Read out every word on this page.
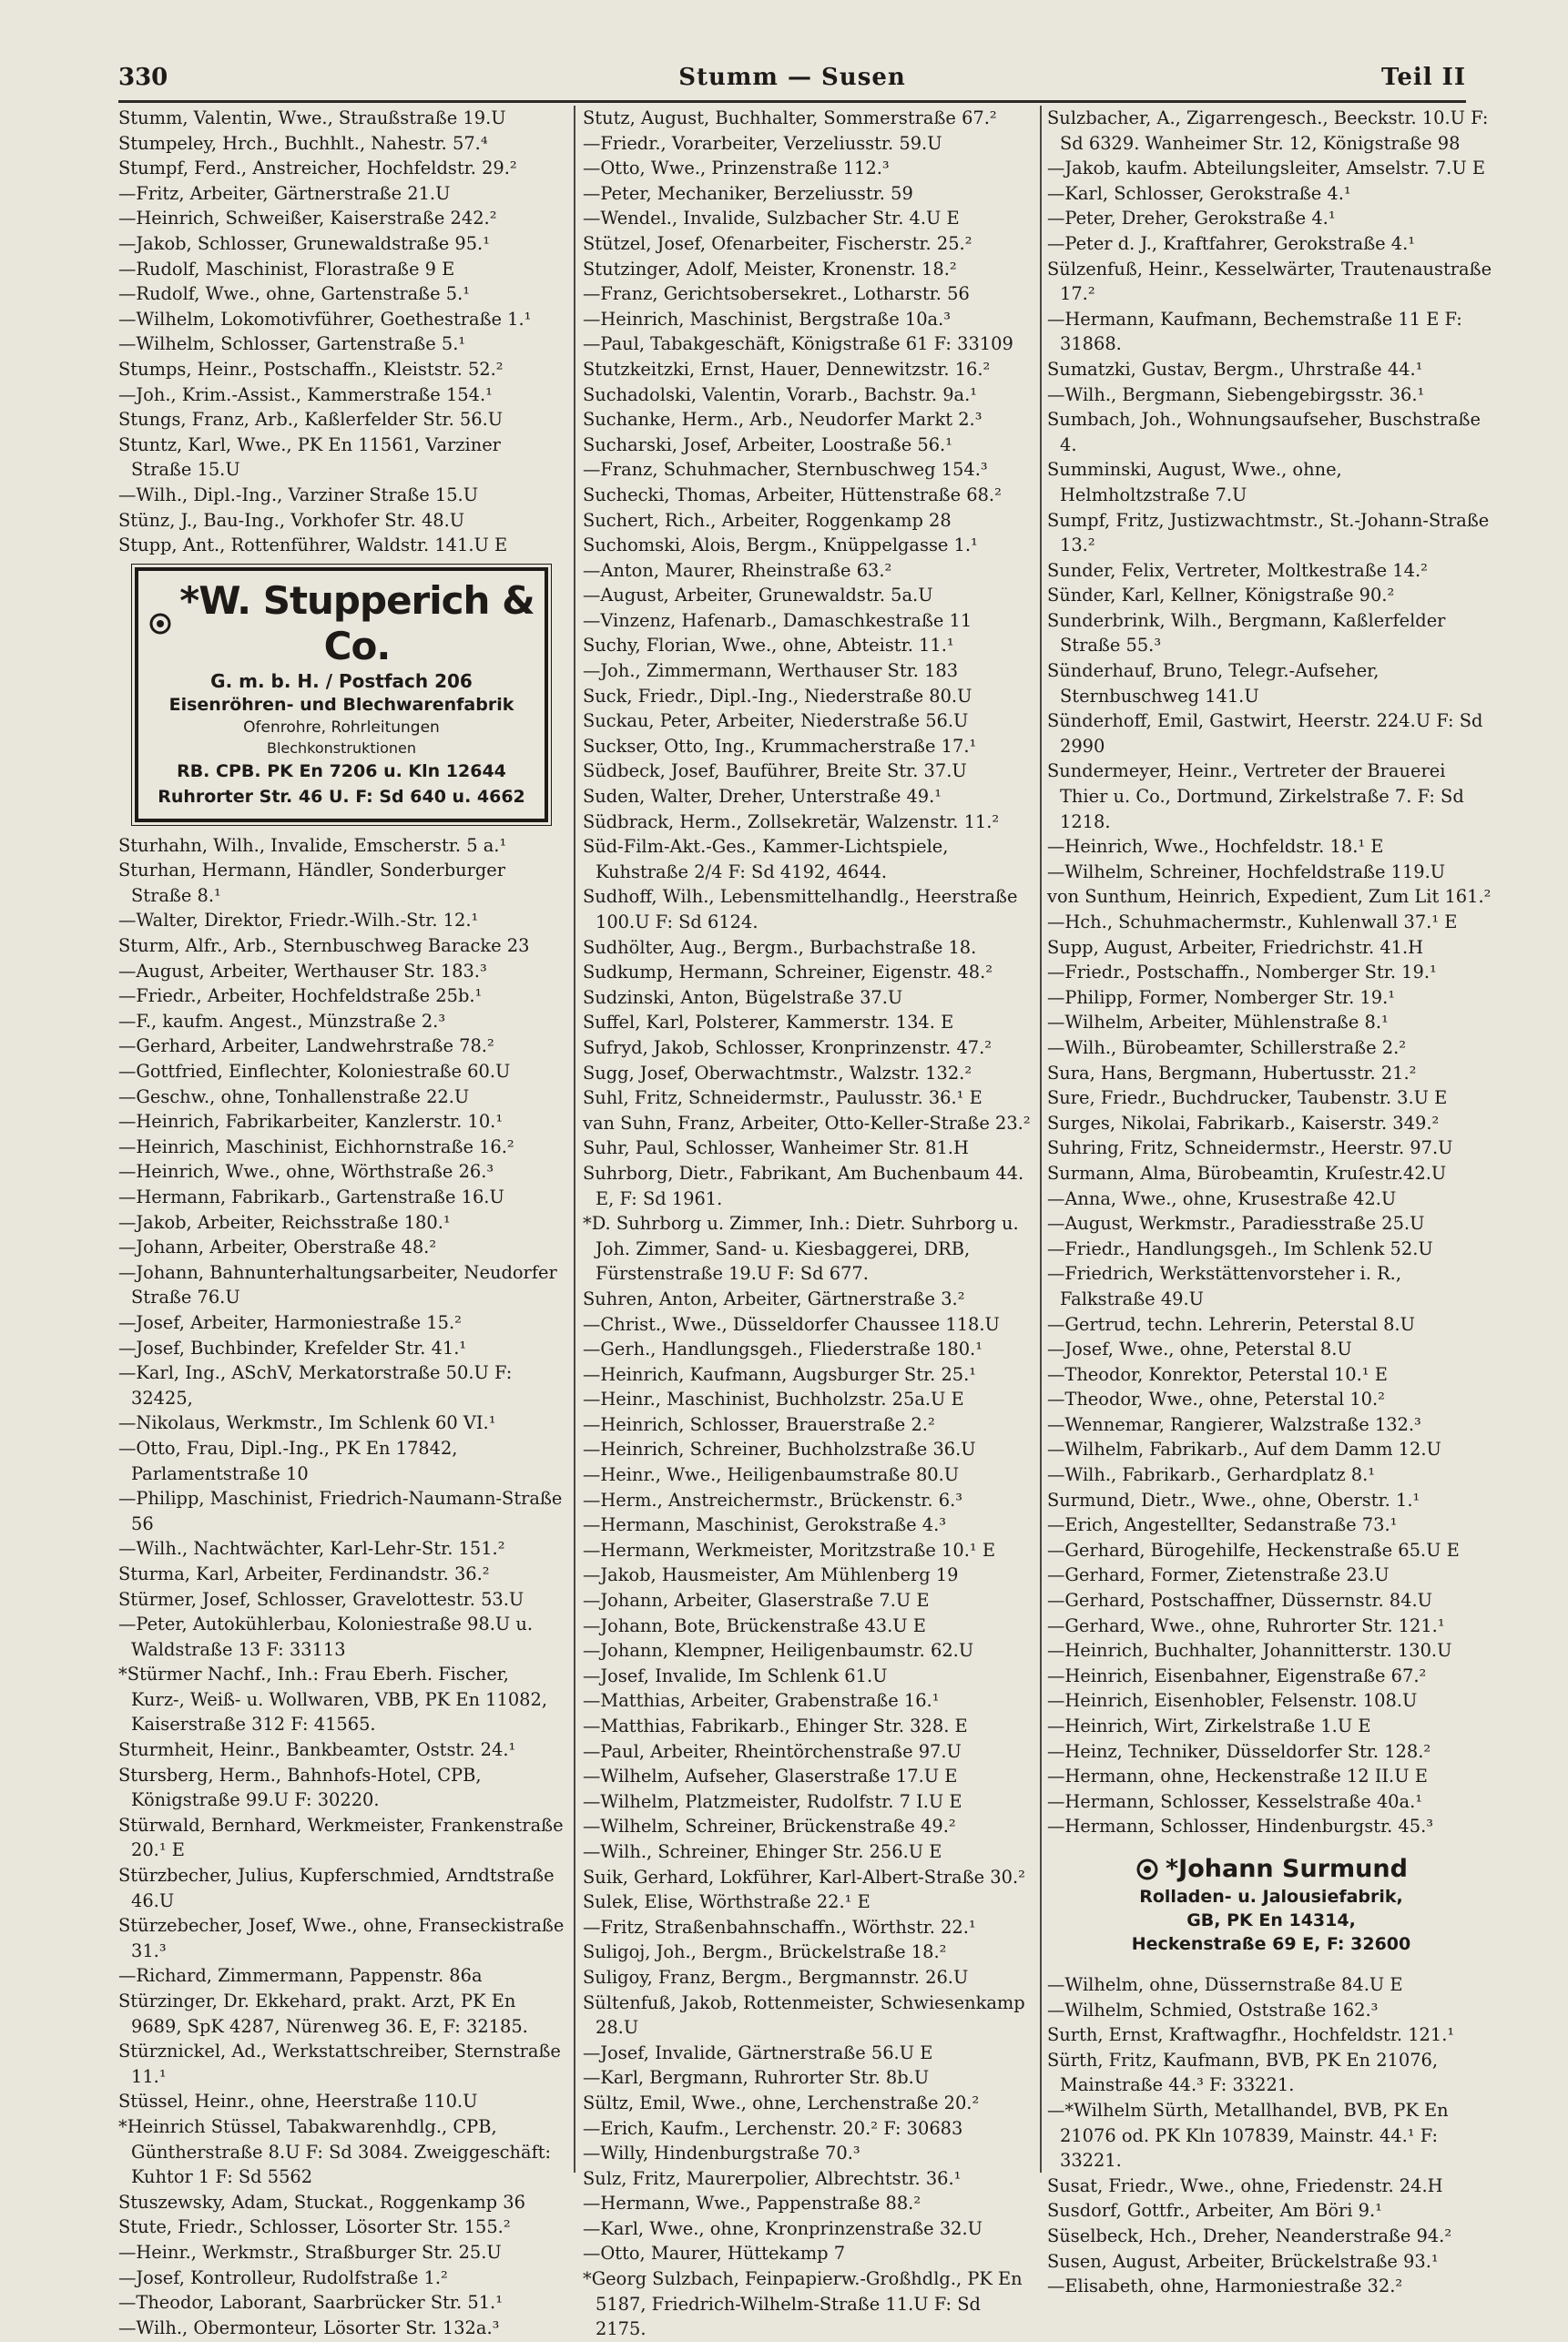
330	Stumm — Susen	Teil II

Stumm, Valentin, Wwe., Straußstraße 19.U

Stumpeley, Hrch., Buchhlt., Nahestr. 57.⁴

Stumpf, Ferd., Anstreicher, Hochfeldstr. 29.²

—Fritz, Arbeiter, Gärtnerstraße 21.U

—Heinrich, Schweißer, Kaiserstraße 242.²

—Jakob, Schlosser, Grunewaldstraße 95.¹

—Rudolf, Maschinist, Florastraße 9 E

—Rudolf, Wwe., ohne, Gartenstraße 5.¹

—Wilhelm, Lokomotivführer, Goethestraße 1.¹

—Wilhelm, Schlosser, Gartenstraße 5.¹

Stumps, Heinr., Postschaffn., Kleiststr. 52.²

—Joh., Krim.-Assist., Kammerstraße 154.¹

Stungs, Franz, Arb., Kaßlerfelder Str. 56.U

Stuntz, Karl, Wwe., PK En 11561, Varziner Straße 15.U

—Wilh., Dipl.-Ing., Varziner Straße 15.U

Stünz, J., Bau-Ing., Vorkhofer Str. 48.U

Stupp, Ant., Rottenführer, Waldstr. 141.U E

*W. Stupperich & Co.
G. m. b. H. / Postfach 206
Eisenröhren- und Blechwarenfabrik
Ofenrohre, Rohrleitungen
Blechkonstruktionen
RB. CPB. PK En 7206 u. Kln 12644
Ruhrorter Str. 46 U. F: Sd 640 u. 4662

Sturhahn, Wilh., Invalide, Emscherstr. 5 a.¹

Sturhan, Hermann, Händler, Sonderburger Straße 8.¹

—Walter, Direktor, Friedr.-Wilh.-Str. 12.¹

Sturm, Alfr., Arb., Sternbuschweg Baracke 23

—August, Arbeiter, Werthauser Str. 183.³

—Friedr., Arbeiter, Hochfeldstraße 25b.¹

—F., kaufm. Angest., Münzstraße 2.³

—Gerhard, Arbeiter, Landwehrstraße 78.²

—Gottfried, Einflechter, Koloniestraße 60.U

—Geschw., ohne, Tonhallenstraße 22.U

—Heinrich, Fabrikarbeiter, Kanzlerstr. 10.¹

—Heinrich, Maschinist, Eichhornstraße 16.²

—Heinrich, Wwe., ohne, Wörthstraße 26.³

—Hermann, Fabrikarb., Gartenstraße 16.U

—Jakob, Arbeiter, Reichsstraße 180.¹

—Johann, Arbeiter, Oberstraße 48.²

—Johann, Bahnunterhaltungsarbeiter, Neudorfer Straße 76.U

—Josef, Arbeiter, Harmoniestraße 15.²

—Josef, Buchbinder, Krefelder Str. 41.¹

—Karl, Ing., ASchV, Merkatorstraße 50.U F: 32425,

—Nikolaus, Werkmstr., Im Schlenk 60 VI.¹

—Otto, Frau, Dipl.-Ing., PK En 17842, Parlamentstraße 10

—Philipp, Maschinist, Friedrich-Naumann-Straße 56

—Wilh., Nachtwächter, Karl-Lehr-Str. 151.²

Sturma, Karl, Arbeiter, Ferdinandstr. 36.²

Stürmer, Josef, Schlosser, Gravelottestr. 53.U

—Peter, Autokühlerbau, Koloniestraße 98.U u. Waldstraße 13 F: 33113

*Stürmer Nachf., Inh.: Frau Eberh. Fischer, Kurz-, Weiß- u. Wollwaren, VBB, PK En 11082, Kaiserstraße 312 F: 41565.

Sturmheit, Heinr., Bankbeamter, Oststr. 24.¹

Stursberg, Herm., Bahnhofs-Hotel, CPB, Königstraße 99.U F: 30220.

Stürwald, Bernhard, Werkmeister, Frankenstraße 20.¹ E

Stürzbecher, Julius, Kupferschmied, Arndtstraße 46.U

Stürzebecher, Josef, Wwe., ohne, Franseckistraße 31.³

—Richard, Zimmermann, Pappenstr. 86a

Stürzinger, Dr. Ekkehard, prakt. Arzt, PK En 9689, SpK 4287, Nürenweg 36. E, F: 32185.

Stürznickel, Ad., Werkstattschreiber, Sternstraße 11.¹

Stüssel, Heinr., ohne, Heerstraße 110.U

*Heinrich Stüssel, Tabakwarenhdlg., CPB, Güntherstraße 8.U F: Sd 3084. Zweiggeschäft: Kuhtor 1 F: Sd 5562

Stuszewsky, Adam, Stuckat., Roggenkamp 36

Stute, Friedr., Schlosser, Lösorter Str. 155.²

—Heinr., Werkmstr., Straßburger Str. 25.U

—Josef, Kontrolleur, Rudolfstraße 1.²

—Theodor, Laborant, Saarbrücker Str. 51.¹

—Wilh., Obermonteur, Lösorter Str. 132a.³

Stutz, August, Buchhalter, Sommerstraße 67.²

—Friedr., Vorarbeiter, Verzeliusstr. 59.U

—Otto, Wwe., Prinzenstraße 112.³

—Peter, Mechaniker, Berzeliusstr. 59

—Wendel., Invalide, Sulzbacher Str. 4.U E

Stützel, Josef, Ofenarbeiter, Fischerstr. 25.²

Stutzinger, Adolf, Meister, Kronenstr. 18.²

—Franz, Gerichtsobersekret., Lotharstr. 56

—Heinrich, Maschinist, Bergstraße 10a.³

—Paul, Tabakgeschäft, Königstraße 61 F: 33109

Stutzkeitzki, Ernst, Hauer, Dennewitzstr. 16.²

Suchadolski, Valentin, Vorarb., Bachstr. 9a.¹

Suchanke, Herm., Arb., Neudorfer Markt 2.³

Sucharski, Josef, Arbeiter, Loostraße 56.¹

—Franz, Schuhmacher, Sternbuschweg 154.³

Suchecki, Thomas, Arbeiter, Hüttenstraße 68.²

Suchert, Rich., Arbeiter, Roggenkamp 28

Suchomski, Alois, Bergm., Knüppelgasse 1.¹

—Anton, Maurer, Rheinstraße 63.²

—August, Arbeiter, Grunewaldstr. 5a.U

—Vinzenz, Hafenarb., Damaschkestraße 11

Suchy, Florian, Wwe., ohne, Abteistr. 11.¹

—Joh., Zimmermann, Werthauser Str. 183

Suck, Friedr., Dipl.-Ing., Niederstraße 80.U

Suckau, Peter, Arbeiter, Niederstraße 56.U

Suckser, Otto, Ing., Krummacherstraße 17.¹

Südbeck, Josef, Bauführer, Breite Str. 37.U

Suden, Walter, Dreher, Unterstraße 49.¹

Südbrack, Herm., Zollsekretär, Walzenstr. 11.²

Süd-Film-Akt.-Ges., Kammer-Lichtspiele, Kuhstraße 2/4 F: Sd 4192, 4644.

Sudhoff, Wilh., Lebensmittelhandlg., Heerstraße 100.U F: Sd 6124.

Sudhölter, Aug., Bergm., Burbachstraße 18.

Sudkump, Hermann, Schreiner, Eigenstr. 48.²

Sudzinski, Anton, Bügelstraße 37.U

Suffel, Karl, Polsterer, Kammerstr. 134. E

Sufryd, Jakob, Schlosser, Kronprinzenstr. 47.²

Sugg, Josef, Oberwachtmstr., Walzstr. 132.²

Suhl, Fritz, Schneidermstr., Paulusstr. 36.¹ E

van Suhn, Franz, Arbeiter, Otto-Keller-Straße 23.²

Suhr, Paul, Schlosser, Wanheimer Str. 81.H

Suhrborg, Dietr., Fabrikant, Am Buchenbaum 44. E, F: Sd 1961.

*D. Suhrborg u. Zimmer, Inh.: Dietr. Suhrborg u. Joh. Zimmer, Sand- u. Kiesbaggerei, DRB, Fürstenstraße 19.U F: Sd 677.

Suhren, Anton, Arbeiter, Gärtnerstraße 3.²

—Christ., Wwe., Düsseldorfer Chaussee 118.U

—Gerh., Handlungsgeh., Fliederstraße 180.¹

—Heinrich, Kaufmann, Augsburger Str. 25.¹

—Heinr., Maschinist, Buchholzstr. 25a.U E

—Heinrich, Schlosser, Brauerstraße 2.²

—Heinrich, Schreiner, Buchholzstraße 36.U

—Heinr., Wwe., Heiligenbaumstraße 80.U

—Herm., Anstreichermstr., Brückenstr. 6.³

—Hermann, Maschinist, Gerokstraße 4.³

—Hermann, Werkmeister, Moritzstraße 10.¹ E

—Jakob, Hausmeister, Am Mühlenberg 19

—Johann, Arbeiter, Glaserstraße 7.U E

—Johann, Bote, Brückenstraße 43.U E

—Johann, Klempner, Heiligenbaumstr. 62.U

—Josef, Invalide, Im Schlenk 61.U

—Matthias, Arbeiter, Grabenstraße 16.¹

—Matthias, Fabrikarb., Ehinger Str. 328. E

—Paul, Arbeiter, Rheintörchenstraße 97.U

—Wilhelm, Aufseher, Glaserstraße 17.U E

—Wilhelm, Platzmeister, Rudolfstr. 7 I.U E

—Wilhelm, Schreiner, Brückenstraße 49.²

—Wilh., Schreiner, Ehinger Str. 256.U E

Suik, Gerhard, Lokführer, Karl-Albert-Straße 30.²

Sulek, Elise, Wörthstraße 22.¹ E

—Fritz, Straßenbahnschaffn., Wörthstr. 22.¹

Suligoj, Joh., Bergm., Brückelstraße 18.²

Suligoy, Franz, Bergm., Bergmannstr. 26.U

Sültenfuß, Jakob, Rottenmeister, Schwiesenkamp 28.U

—Josef, Invalide, Gärtnerstraße 56.U E

—Karl, Bergmann, Ruhrorter Str. 8b.U

Sültz, Emil, Wwe., ohne, Lerchenstraße 20.²

—Erich, Kaufm., Lerchenstr. 20.² F: 30683

—Willy, Hindenburgstraße 70.³

Sulz, Fritz, Maurerpolier, Albrechtstr. 36.¹

—Hermann, Wwe., Pappenstraße 88.²

—Karl, Wwe., ohne, Kronprinzenstraße 32.U

—Otto, Maurer, Hüttekamp 7

*Georg Sulzbach, Feinpapierw.-Großhdlg., PK En 5187, Friedrich-Wilhelm-Straße 11.U F: Sd 2175.

Sulzbacher, A., Zigarrengesch., Beeckstr. 10.U F: Sd 6329. Wanheimer Str. 12, Königstraße 98

—Jakob, kaufm. Abteilungsleiter, Amselstr. 7.U E

—Karl, Schlosser, Gerokstraße 4.¹

—Peter, Dreher, Gerokstraße 4.¹

—Peter d. J., Kraftfahrer, Gerokstraße 4.¹

Sülzenfuß, Heinr., Kesselwärter, Trautenaustraße 17.²

—Hermann, Kaufmann, Bechemstraße 11 E F: 31868.

Sumatzki, Gustav, Bergm., Uhrstraße 44.¹

—Wilh., Bergmann, Siebengebirgsstr. 36.¹

Sumbach, Joh., Wohnungsaufseher, Buschstraße 4.

Summinski, August, Wwe., ohne, Helmholtzstraße 7.U

Sumpf, Fritz, Justizwachtmstr., St.-Johann-Straße 13.²

Sunder, Felix, Vertreter, Moltkestraße 14.²

Sünder, Karl, Kellner, Königstraße 90.²

Sunderbrink, Wilh., Bergmann, Kaßlerfelder Straße 55.³

Sünderhauf, Bruno, Telegr.-Aufseher, Sternbuschweg 141.U

Sünderhoff, Emil, Gastwirt, Heerstr. 224.U F: Sd 2990

Sundermeyer, Heinr., Vertreter der Brauerei Thier u. Co., Dortmund, Zirkelstraße 7. F: Sd 1218.

—Heinrich, Wwe., Hochfeldstr. 18.¹ E

—Wilhelm, Schreiner, Hochfeldstraße 119.U

von Sunthum, Heinrich, Expedient, Zum Lit 161.²

—Hch., Schuhmachermstr., Kuhlenwall 37.¹ E

Supp, August, Arbeiter, Friedrichstr. 41.H

—Friedr., Postschaffn., Nomberger Str. 19.¹

—Philipp, Former, Nomberger Str. 19.¹

—Wilhelm, Arbeiter, Mühlenstraße 8.¹

—Wilh., Bürobeamter, Schillerstraße 2.²

Sura, Hans, Bergmann, Hubertusstr. 21.²

Sure, Friedr., Buchdrucker, Taubenstr. 3.U E

Surges, Nikolai, Fabrikarb., Kaiserstr. 349.²

Suhring, Fritz, Schneidermstr., Heerstr. 97.U

Surmann, Alma, Bürobeamtin, Kruſestr.42.U

—Anna, Wwe., ohne, Krusestraße 42.U

—August, Werkmstr., Paradiesstraße 25.U

—Friedr., Handlungsgeh., Im Schlenk 52.U

—Friedrich, Werkstättenvorsteher i. R., Falkstraße 49.U

—Gertrud, techn. Lehrerin, Peterstal 8.U

—Josef, Wwe., ohne, Peterstal 8.U

—Theodor, Konrektor, Peterstal 10.¹ E

—Theodor, Wwe., ohne, Peterstal 10.²

—Wennemar, Rangierer, Walzstraße 132.³

—Wilhelm, Fabrikarb., Auf dem Damm 12.U

—Wilh., Fabrikarb., Gerhardplatz 8.¹

Surmund, Dietr., Wwe., ohne, Oberstr. 1.¹

—Erich, Angestellter, Sedanstraße 73.¹

—Gerhard, Bürogehilfe, Heckenstraße 65.U E

—Gerhard, Former, Zietenstraße 23.U

—Gerhard, Postschaffner, Düssernstr. 84.U

—Gerhard, Wwe., ohne, Ruhrorter Str. 121.¹

—Heinrich, Buchhalter, Johannitterstr. 130.U

—Heinrich, Eisenbahner, Eigenstraße 67.²

—Heinrich, Eisenhobler, Felsenstr. 108.U

—Heinrich, Wirt, Zirkelstraße 1.U E

—Heinz, Techniker, Düsseldorfer Str. 128.²

—Hermann, ohne, Heckenstraße 12 II.U E

—Hermann, Schlosser, Kesselstraße 40a.¹

—Hermann, Schlosser, Hindenburgstr. 45.³

*Johann Surmund
Rolladen- u. Jalousiefabrik,
GB, PK En 14314,
Heckenstraße 69 E, F: 32600

—Wilhelm, ohne, Düssernstraße 84.U E

—Wilhelm, Schmied, Oststraße 162.³

Surth, Ernst, Kraftwagfhr., Hochfeldstr. 121.¹

Sürth, Fritz, Kaufmann, BVB, PK En 21076, Mainstraße 44.³ F: 33221.

—*Wilhelm Sürth, Metallhandel, BVB, PK En 21076 od. PK Kln 107839, Mainstr. 44.¹ F: 33221.

Susat, Friedr., Wwe., ohne, Friedenstr. 24.H

Susdorf, Gottfr., Arbeiter, Am Böri 9.¹

Süselbeck, Hch., Dreher, Neanderstraße 94.²

Susen, August, Arbeiter, Brückelstraße 93.¹

—Elisabeth, ohne, Harmoniestraße 32.²
